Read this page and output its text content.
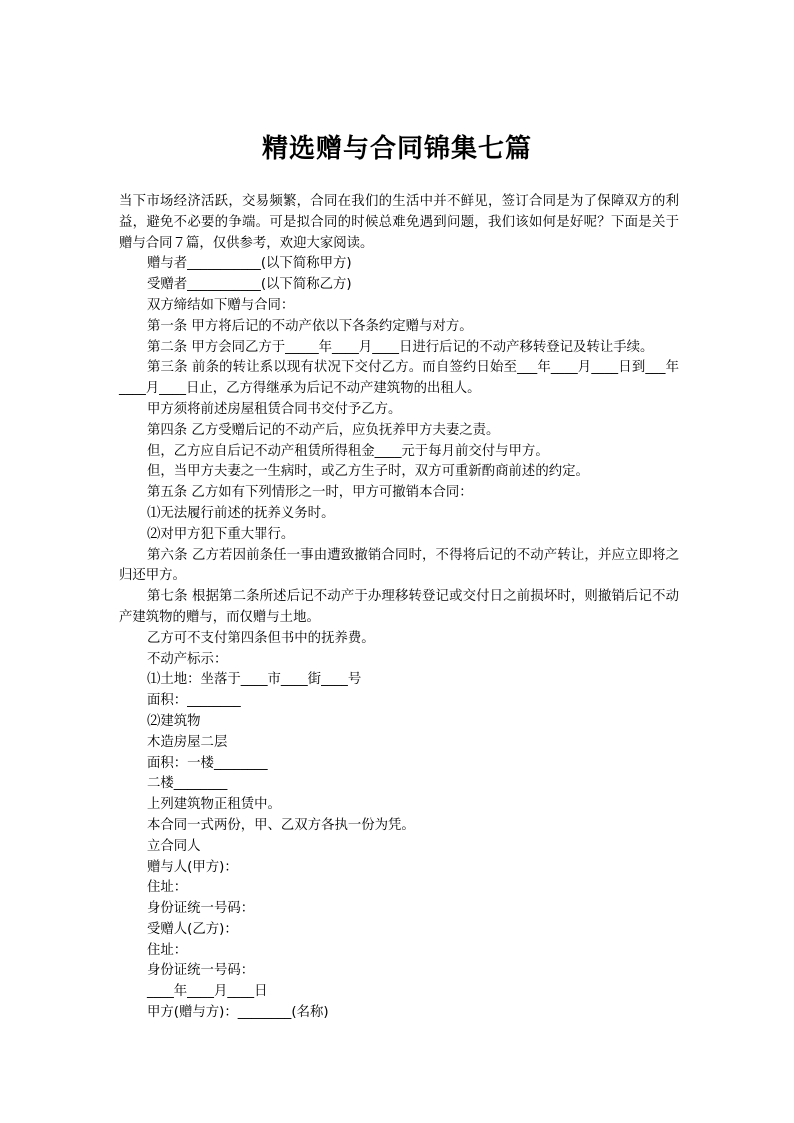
精选赠与合同锦集七篇

当下市场经济活跃，交易频繁，合同在我们的生活中并不鲜见，签订合同是为了保障双方的利益，避免不必要的争端。可是拟合同的时候总难免遇到问题，我们该如何是好呢？下面是关于赠与合同７篇，仅供参考，欢迎大家阅读。

赠与者___________(以下简称甲方)

受赠者___________(以下简称乙方)

双方缔结如下赠与合同：

第一条 甲方将后记的不动产依以下各条约定赠与对方。

第二条 甲方会同乙方于_____年____月____日进行后记的不动产移转登记及转让手续。

第三条 前条的转让系以现有状况下交付乙方。而自签约日始至___年____月____日到___年____月____日止，乙方得继承为后记不动产建筑物的出租人。

甲方须将前述房屋租赁合同书交付予乙方。

第四条 乙方受赠后记的不动产后，应负抚养甲方夫妻之责。

但，乙方应自后记不动产租赁所得租金____元于每月前交付与甲方。

但，当甲方夫妻之一生病时，或乙方生子时，双方可重新酌商前述的约定。

第五条 乙方如有下列情形之一时，甲方可撤销本合同：

⑴无法履行前述的抚养义务时。

⑵对甲方犯下重大罪行。

第六条 乙方若因前条任一事由遭致撤销合同时，不得将后记的不动产转让，并应立即将之归还甲方。

第七条 根据第二条所述后记不动产于办理移转登记或交付日之前损坏时，则撤销后记不动产建筑物的赠与，而仅赠与土地。

乙方可不支付第四条但书中的抚养费。

不动产标示：

⑴土地：坐落于____市____街____号

面积：________

⑵建筑物

木造房屋二层

面积：一楼________

二楼________

上列建筑物正租赁中。

本合同一式两份，甲、乙双方各执一份为凭。

立合同人

赠与人(甲方)：

住址：

身份证统一号码：

受赠人(乙方)：

住址：

身份证统一号码：

____年____月____日

甲方(赠与方)：________(名称)
